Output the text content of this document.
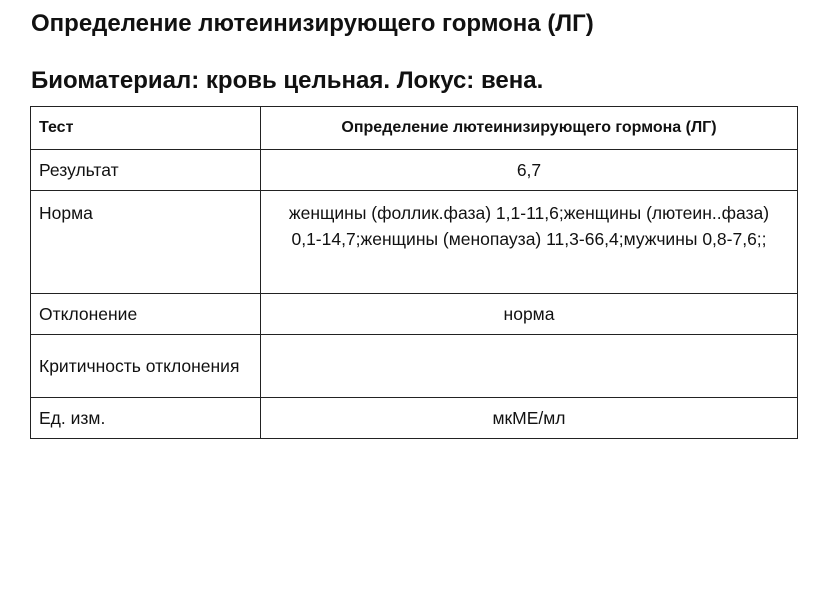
Определение лютеинизирующего гормона (ЛГ)
Биоматериал: кровь цельная. Локус: вена.
Тест	Определение лютеинизирующего гормона (ЛГ)
Результат	6,7
Норма	женщины (фоллик.фаза) 1,1-11,6;женщины (лютеин..фаза) 0,1-14,7;женщины (менопауза) 11,3-66,4;мужчины 0,8-7,6;;
Отклонение	норма
Критичность отклонения	
Ед. изм.	мкМЕ/мл
